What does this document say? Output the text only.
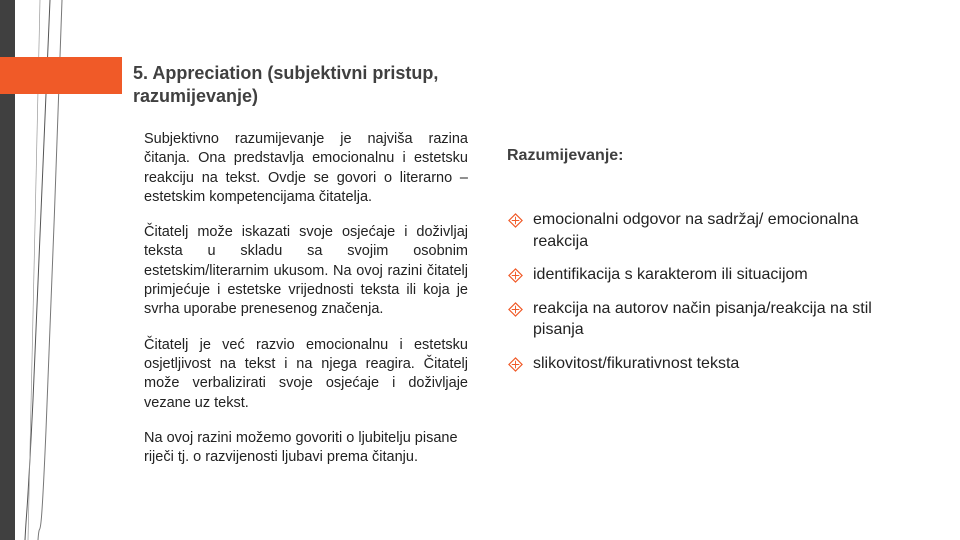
5. Appreciation (subjektivni pristup, razumijevanje)

Subjektivno razumijevanje je najviša razina čitanja. Ona predstavlja emocionalnu i estetsku reakciju na tekst. Ovdje se govori o literarno – estetskim kompetencijama čitatelja.

Čitatelj može iskazati svoje osjećaje i doživljaj teksta u skladu sa svojim osobnim estetskim/literarnim ukusom. Na ovoj razini čitatelj primjećuje i estetske vrijednosti teksta ili koja je svrha uporabe prenesenog značenja.

Čitatelj je već razvio emocionalnu i estetsku osjetljivost na tekst i na njega reagira. Čitatelj može verbalizirati svoje osjećaje i doživljaje vezane uz tekst.

Na ovoj razini možemo govoriti o ljubitelju pisane riječi tj. o razvijenosti ljubavi prema čitanju.

Razumijevanje:
emocionalni odgovor na sadržaj/ emocionalna reakcija
identifikacija s karakterom ili situacijom
reakcija na autorov način pisanja/reakcija na stil pisanja
slikovitost/fikurativnost teksta
